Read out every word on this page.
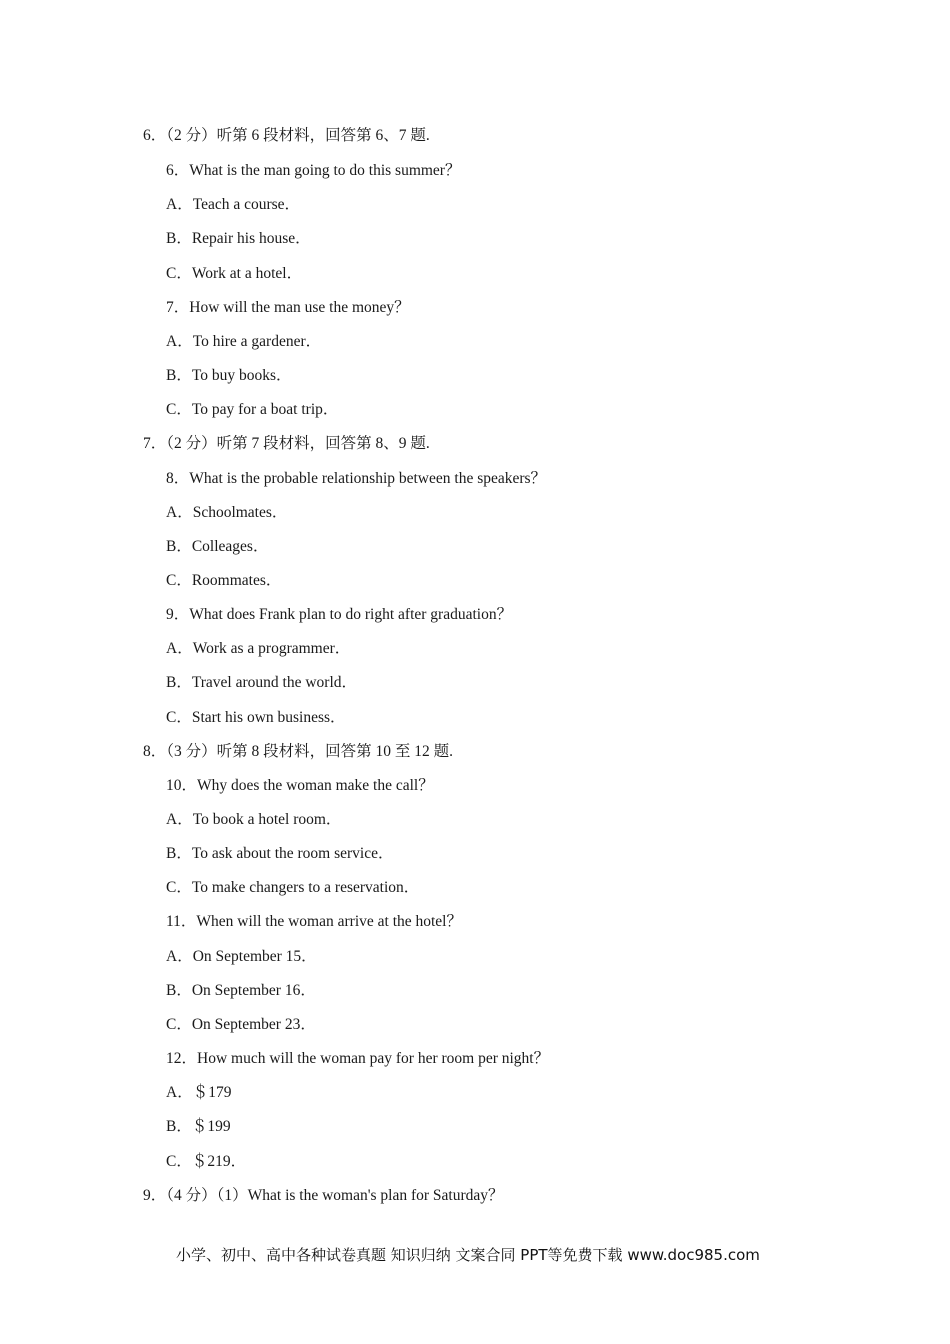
6．（2 分）听第 6 段材料，回答第 6、7 题.
6．What is the man going to do this summer？
A．Teach a course．
B．Repair his house．
C．Work at a hotel．
7．How will the man use the money？
A．To hire a gardener．
B．To buy books．
C．To pay for a boat trip．
7．（2 分）听第 7 段材料，回答第 8、9 题.
8．What is the probable relationship between the speakers？
A．Schoolmates．
B．Colleages．
C．Roommates．
9．What does Frank plan to do right after graduation？
A．Work as a programmer．
B．Travel around the world．
C．Start his own business．
8．（3 分）听第 8 段材料，回答第 10 至 12 题.
10．Why does the woman make the call？
A．To book a hotel room．
B．To ask about the room service．
C．To make changers to a reservation．
11．When will the woman arrive at the hotel？
A．On September 15．
B．On September 16．
C．On September 23．
12．How much will the woman pay for her room per night？
A．＄179
B．＄199
C．＄219．
9．（4 分）（1）What is the woman's plan for Saturday？
小学、初中、高中各种试卷真题 知识归纳 文案合同 PPT等免费下载 www.doc985.com
